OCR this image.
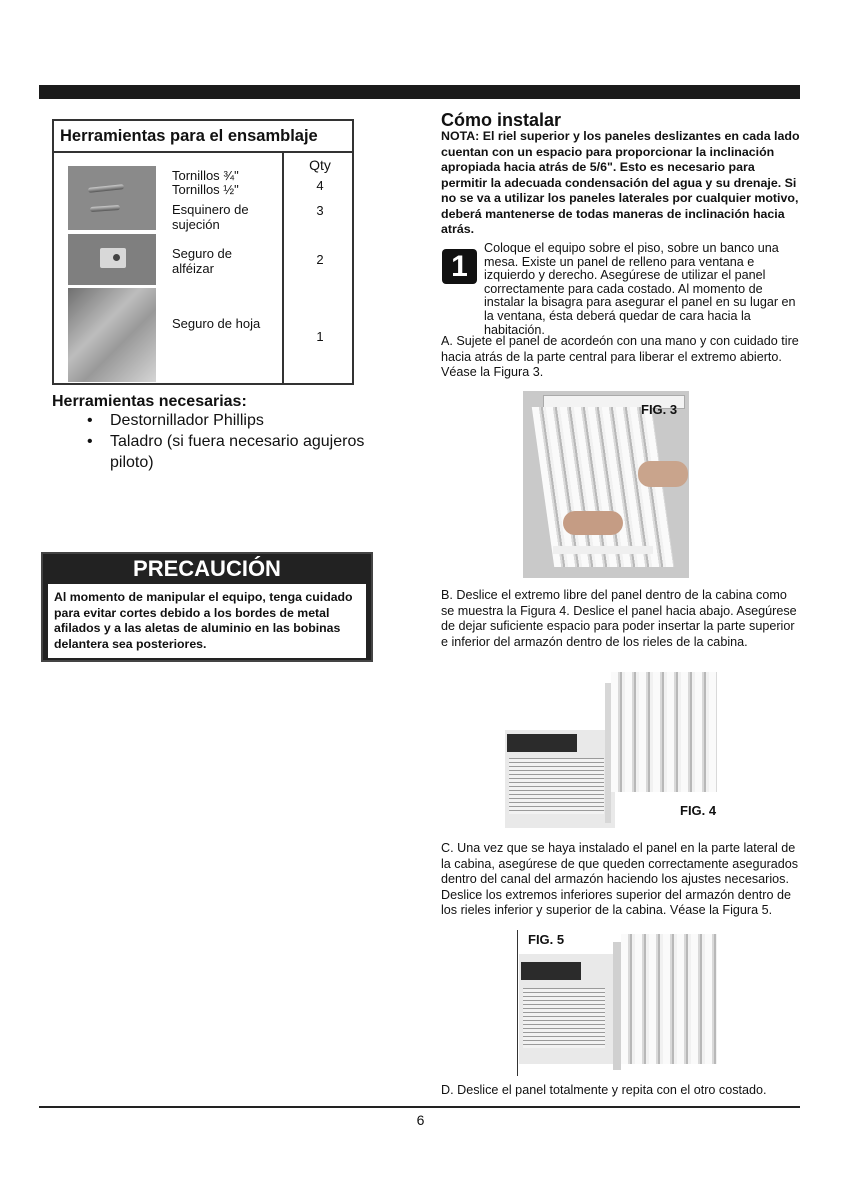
Herramientas para el ensamblaje
Qty
Tornillos ¾"
Tornillos ½"	4
Esquinero de sujeción
3
Seguro de alféizar
2
Seguro de hoja
1
Herramientas necesarias:
• Destornillador Phillips
• Taladro (si fuera necesario agujeros piloto)
PRECAUCIÓN
Al momento de manipular el equipo, tenga cuidado para evitar cortes debido a los bordes de metal afilados y a las aletas de aluminio en las bobinas delantera sea posteriores.
Cómo instalar
NOTA: El riel superior y los paneles deslizantes en cada lado cuentan con un espacio para proporcionar la inclinación apropiada hacia atrás de 5/6". Esto es necesario para permitir la adecuada condensación del agua y su drenaje. Si no se va a utilizar los paneles laterales por cualquier motivo, deberá mantenerse de todas maneras de inclinación hacia atrás.
1
Coloque el equipo sobre el piso, sobre un banco una mesa. Existe un panel de relleno para ventana e izquierdo y derecho. Asegúrese de utilizar el panel correctamente para cada costado. Al momento de instalar la bisagra para asegurar el panel en su lugar en la ventana, ésta deberá quedar de cara hacia la habitación.
A. Sujete el panel de acordeón con una mano y con cuidado tire hacia atrás de la parte central para liberar el extremo abierto. Véase la Figura 3.
FIG. 3
B. Deslice el extremo libre del panel dentro de la cabina como se muestra la Figura 4. Deslice el panel hacia abajo. Asegúrese de dejar suficiente espacio para poder insertar la parte superior e inferior del armazón dentro de los rieles de la cabina.
FIG. 4
C. Una vez que se haya instalado el panel en la parte lateral de la cabina, asegúrese de que queden correctamente asegurados dentro del canal del armazón haciendo los ajustes necesarios. Deslice los extremos inferiores superior del armazón dentro de los rieles inferior y superior de la cabina. Véase la Figura 5.
FIG. 5
D. Deslice el panel totalmente y repita con el otro costado.
6
